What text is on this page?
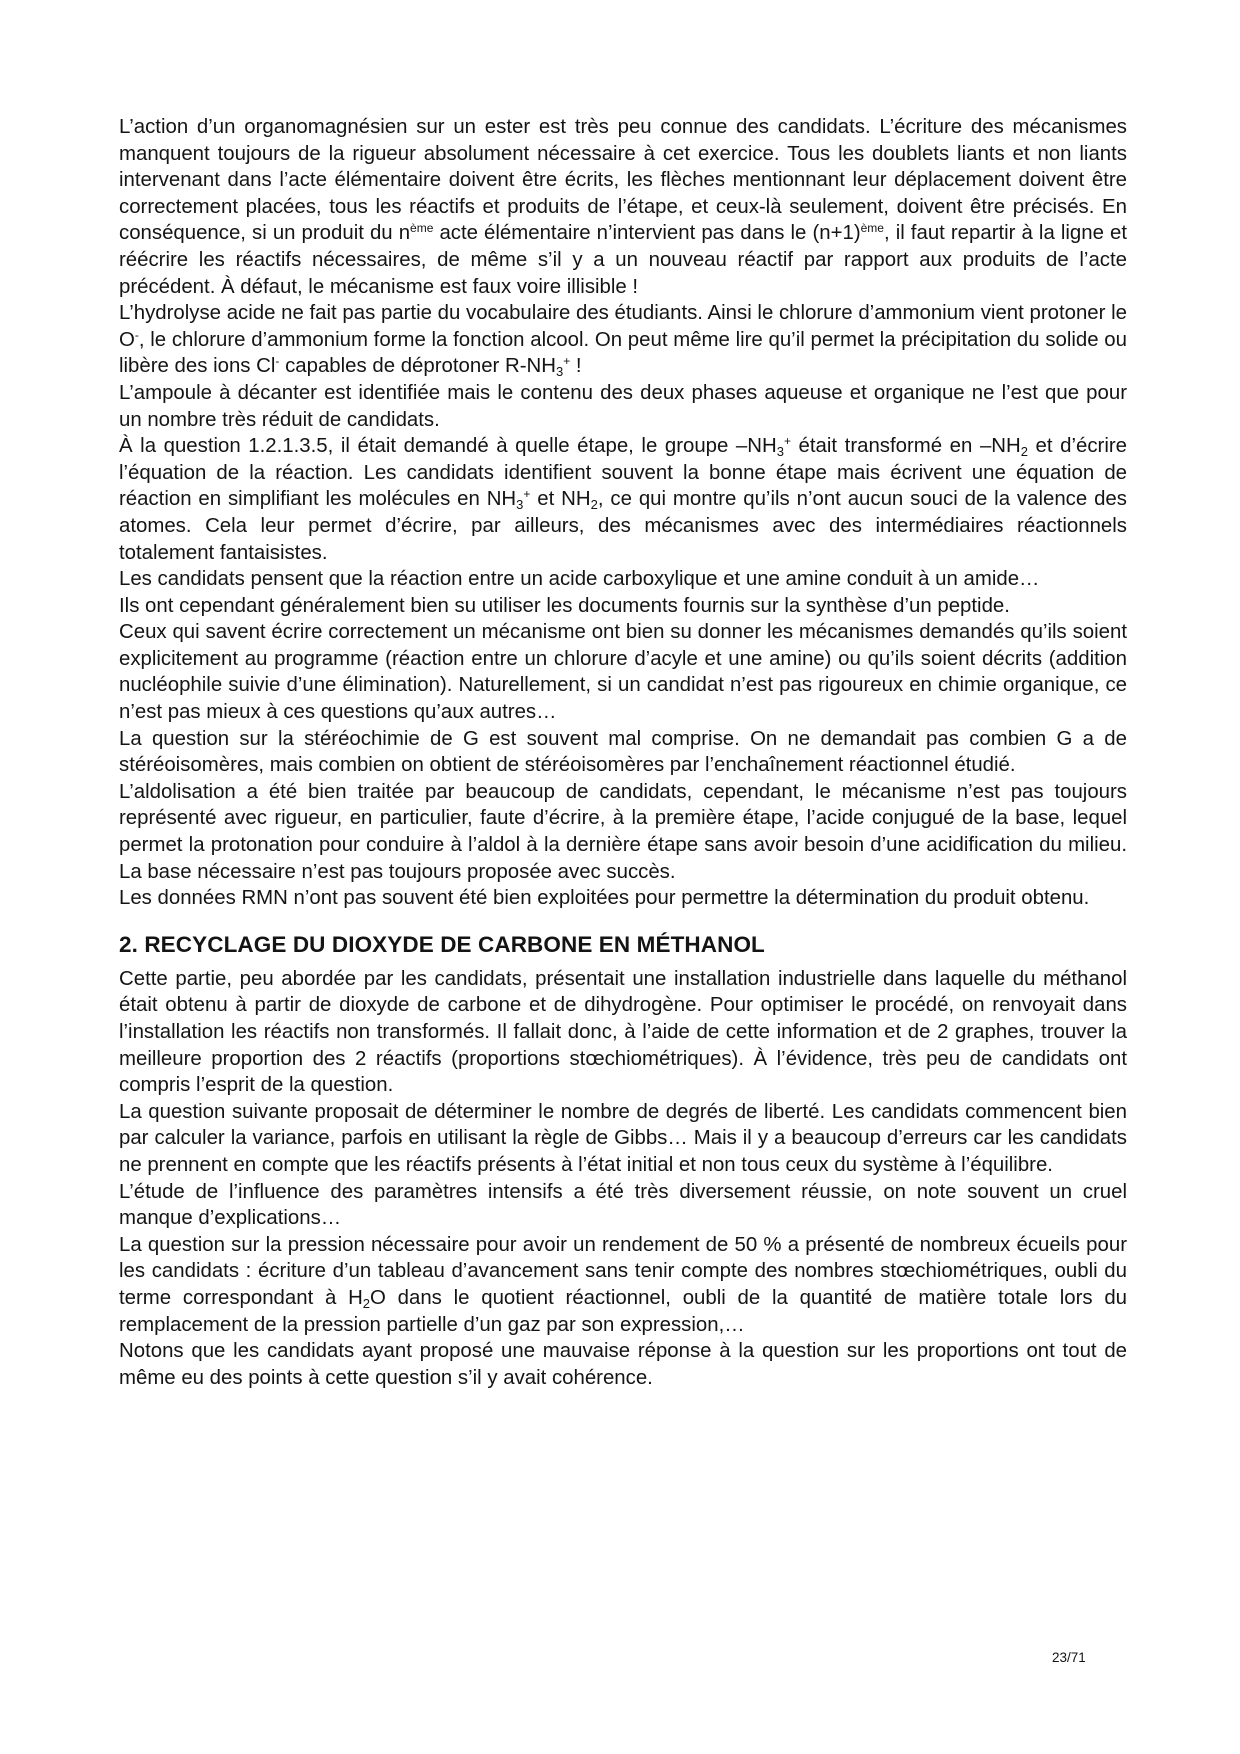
L’action d’un organomagnésien sur un ester est très peu connue des candidats. L’écriture des mécanismes manquent toujours de la rigueur absolument nécessaire à cet exercice. Tous les doublets liants et non liants intervenant dans l’acte élémentaire doivent être écrits, les flèches mentionnant leur déplacement doivent être correctement placées, tous les réactifs et produits de l’étape, et ceux-là seulement, doivent être précisés. En conséquence, si un produit du $n^{ème}$ acte élémentaire n’intervient pas dans le $(n+1)^{ème}$, il faut repartir à la ligne et réécrire les réactifs nécessaires, de même s’il y a un nouveau réactif par rapport aux produits de l’acte précédent. À défaut, le mécanisme est faux voire illisible !

L’hydrolyse acide ne fait pas partie du vocabulaire des étudiants. Ainsi le chlorure d’ammonium vient protoner le O-, le chlorure d’ammonium forme la fonction alcool. On peut même lire qu’il permet la précipitation du solide ou libère des ions Cl- capables de déprotoner $R-NH_3^+$ !

L’ampoule à décanter est identifiée mais le contenu des deux phases aqueuse et organique ne l’est que pour un nombre très réduit de candidats.

À la question 1.2.1.3.5, il était demandé à quelle étape, le groupe $-NH_3^+$ était transformé en $-NH_2$ et d’écrire l’équation de la réaction. Les candidats identifient souvent la bonne étape mais écrivent une équation de réaction en simplifiant les molécules en $NH_3^+$ et $NH_2$, ce qui montre qu’ils n’ont aucun souci de la valence des atomes. Cela leur permet d’écrire, par ailleurs, des mécanismes avec des intermédiaires réactionnels totalement fantaisistes.

Les candidats pensent que la réaction entre un acide carboxylique et une amine conduit à un amide…

Ils ont cependant généralement bien su utiliser les documents fournis sur la synthèse d’un peptide.

Ceux qui savent écrire correctement un mécanisme ont bien su donner les mécanismes demandés qu’ils soient explicitement au programme (réaction entre un chlorure d’acyle et une amine) ou qu’ils soient décrits (addition nucléophile suivie d’une élimination). Naturellement, si un candidat n’est pas rigoureux en chimie organique, ce n’est pas mieux à ces questions qu’aux autres…

La question sur la stéréochimie de G est souvent mal comprise. On ne demandait pas combien G a de stéréoisomères, mais combien on obtient de stéréoisomères par l’enchaînement réactionnel étudié.

L’aldolisation a été bien traitée par beaucoup de candidats, cependant, le mécanisme n’est pas toujours représenté avec rigueur, en particulier, faute d’écrire, à la première étape, l’acide conjugué de la base, lequel permet la protonation pour conduire à l’aldol à la dernière étape sans avoir besoin d’une acidification du milieu. La base nécessaire n’est pas toujours proposée avec succès.

Les données RMN n’ont pas souvent été bien exploitées pour permettre la détermination du produit obtenu.

2. RECYCLAGE DU DIOXYDE DE CARBONE EN MÉTHANOL

Cette partie, peu abordée par les candidats, présentait une installation industrielle dans laquelle du méthanol était obtenu à partir de dioxyde de carbone et de dihydrogène. Pour optimiser le procédé, on renvoyait dans l’installation les réactifs non transformés. Il fallait donc, à l’aide de cette information et de 2 graphes, trouver la meilleure proportion des 2 réactifs (proportions stœchiométriques). À l’évidence, très peu de candidats ont compris l’esprit de la question.

La question suivante proposait de déterminer le nombre de degrés de liberté. Les candidats commencent bien par calculer la variance, parfois en utilisant la règle de Gibbs… Mais il y a beaucoup d’erreurs car les candidats ne prennent en compte que les réactifs présents à l’état initial et non tous ceux du système à l’équilibre.

L’étude de l’influence des paramètres intensifs a été très diversement réussie, on note souvent un cruel manque d’explications…

La question sur la pression nécessaire pour avoir un rendement de 50 % a présenté de nombreux écueils pour les candidats : écriture d’un tableau d’avancement sans tenir compte des nombres stœchiométriques, oubli du terme correspondant à $H_2O$ dans le quotient réactionnel, oubli de la quantité de matière totale lors du remplacement de la pression partielle d’un gaz par son expression,…

Notons que les candidats ayant proposé une mauvaise réponse à la question sur les proportions ont tout de même eu des points à cette question s’il y avait cohérence.

23/71
